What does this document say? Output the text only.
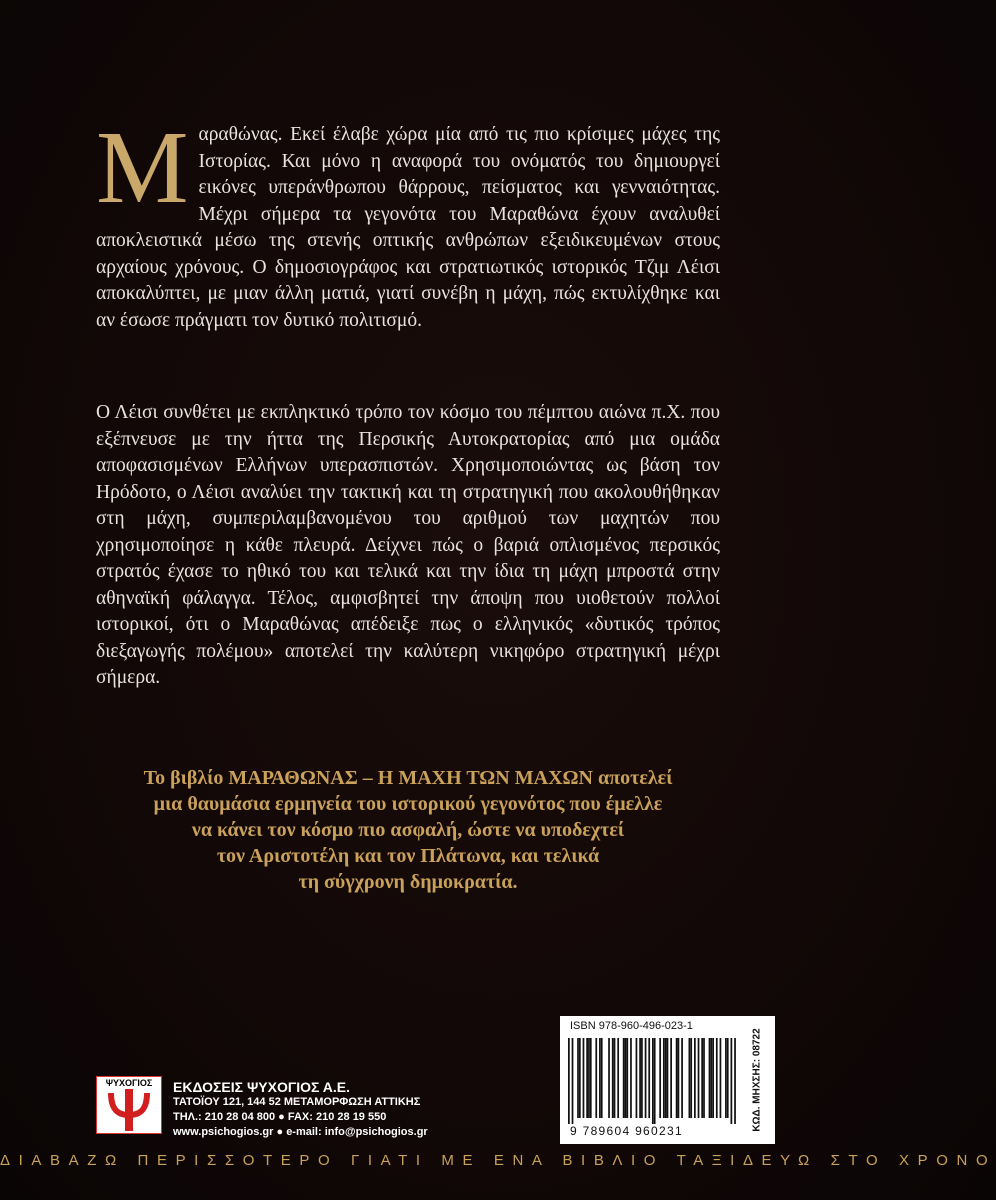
Μαραθώνας. Εκεί έλαβε χώρα μία από τις πιο κρίσιμες μάχες της Ιστορίας. Και μόνο η αναφορά του ονόματός του δημιουργεί εικόνες υπεράνθρωπου θάρρους, πείσματος και γενναιότητας. Μέχρι σήμερα τα γεγονότα του Μαραθώνα έχουν αναλυθεί αποκλειστικά μέσω της στενής οπτικής ανθρώπων εξειδικευμένων στους αρχαίους χρόνους. Ο δημοσιογράφος και στρατιωτικός ιστορικός Τζιμ Λέισι αποκαλύπτει, με μιαν άλλη ματιά, γιατί συνέβη η μάχη, πώς εκτυλίχθηκε και αν έσωσε πράγματι τον δυτικό πολιτισμό.
Ο Λέισι συνθέτει με εκπληκτικό τρόπο τον κόσμο του πέμπτου αιώνα π.Χ. που εξέπνευσε με την ήττα της Περσικής Αυτοκρατορίας από μια ομάδα αποφασισμένων Ελλήνων υπερασπιστών. Χρησιμοποιώντας ως βάση τον Ηρόδοτο, ο Λέισι αναλύει την τακτική και τη στρατηγική που ακολουθήθηκαν στη μάχη, συμπεριλαμβανομένου του αριθμού των μαχητών που χρησιμοποίησε η κάθε πλευρά. Δείχνει πώς ο βαριά οπλισμένος περσικός στρατός έχασε το ηθικό του και τελικά και την ίδια τη μάχη μπροστά στην αθηναϊκή φάλαγγα. Τέλος, αμφισβητεί την άποψη που υιοθετούν πολλοί ιστορικοί, ότι ο Μαραθώνας απέδειξε πως ο ελληνικός «δυτικός τρόπος διεξαγωγής πολέμου» αποτελεί την καλύτερη νικηφόρο στρατηγική μέχρι σήμερα.
Το βιβλίο ΜΑΡΑΘΩΝΑΣ – Η ΜΑΧΗ ΤΩΝ ΜΑΧΩΝ αποτελεί
μια θαυμάσια ερμηνεία του ιστορικού γεγονότος που έμελλε
να κάνει τον κόσμο πιο ασφαλή, ώστε να υποδεχτεί
τον Αριστοτέλη και τον Πλάτωνα, και τελικά
τη σύγχρονη δημοκρατία.
ISBN 978-960-496-023-1
9 789604 960231	ΚΩΔ. ΜΗΧΣΗΣ: 08722
ΨΥΧΟΓΙΟΣ	ΕΚΔΟΣΕΙΣ ΨΥΧΟΓΙΟΣ Α.Ε.
ΤΑΤΟΪΟΥ 121, 144 52 ΜΕΤΑΜΟΡΦΩΣΗ ΑΤΤΙΚΗΣ
ΤΗΛ.: 210 28 04 800 ● FAX: 210 28 19 550
www.psichogios.gr ● e-mail: info@psichogios.gr
ΔΙΑΒΑΖΩ ΠΕΡΙΣΣΟΤΕΡΟ ΓΙΑΤΙ ΜΕ ΕΝΑ ΒΙΒΛΙΟ ΤΑΞΙΔΕΥΩ ΣΤΟ ΧΡΟΝΟ
